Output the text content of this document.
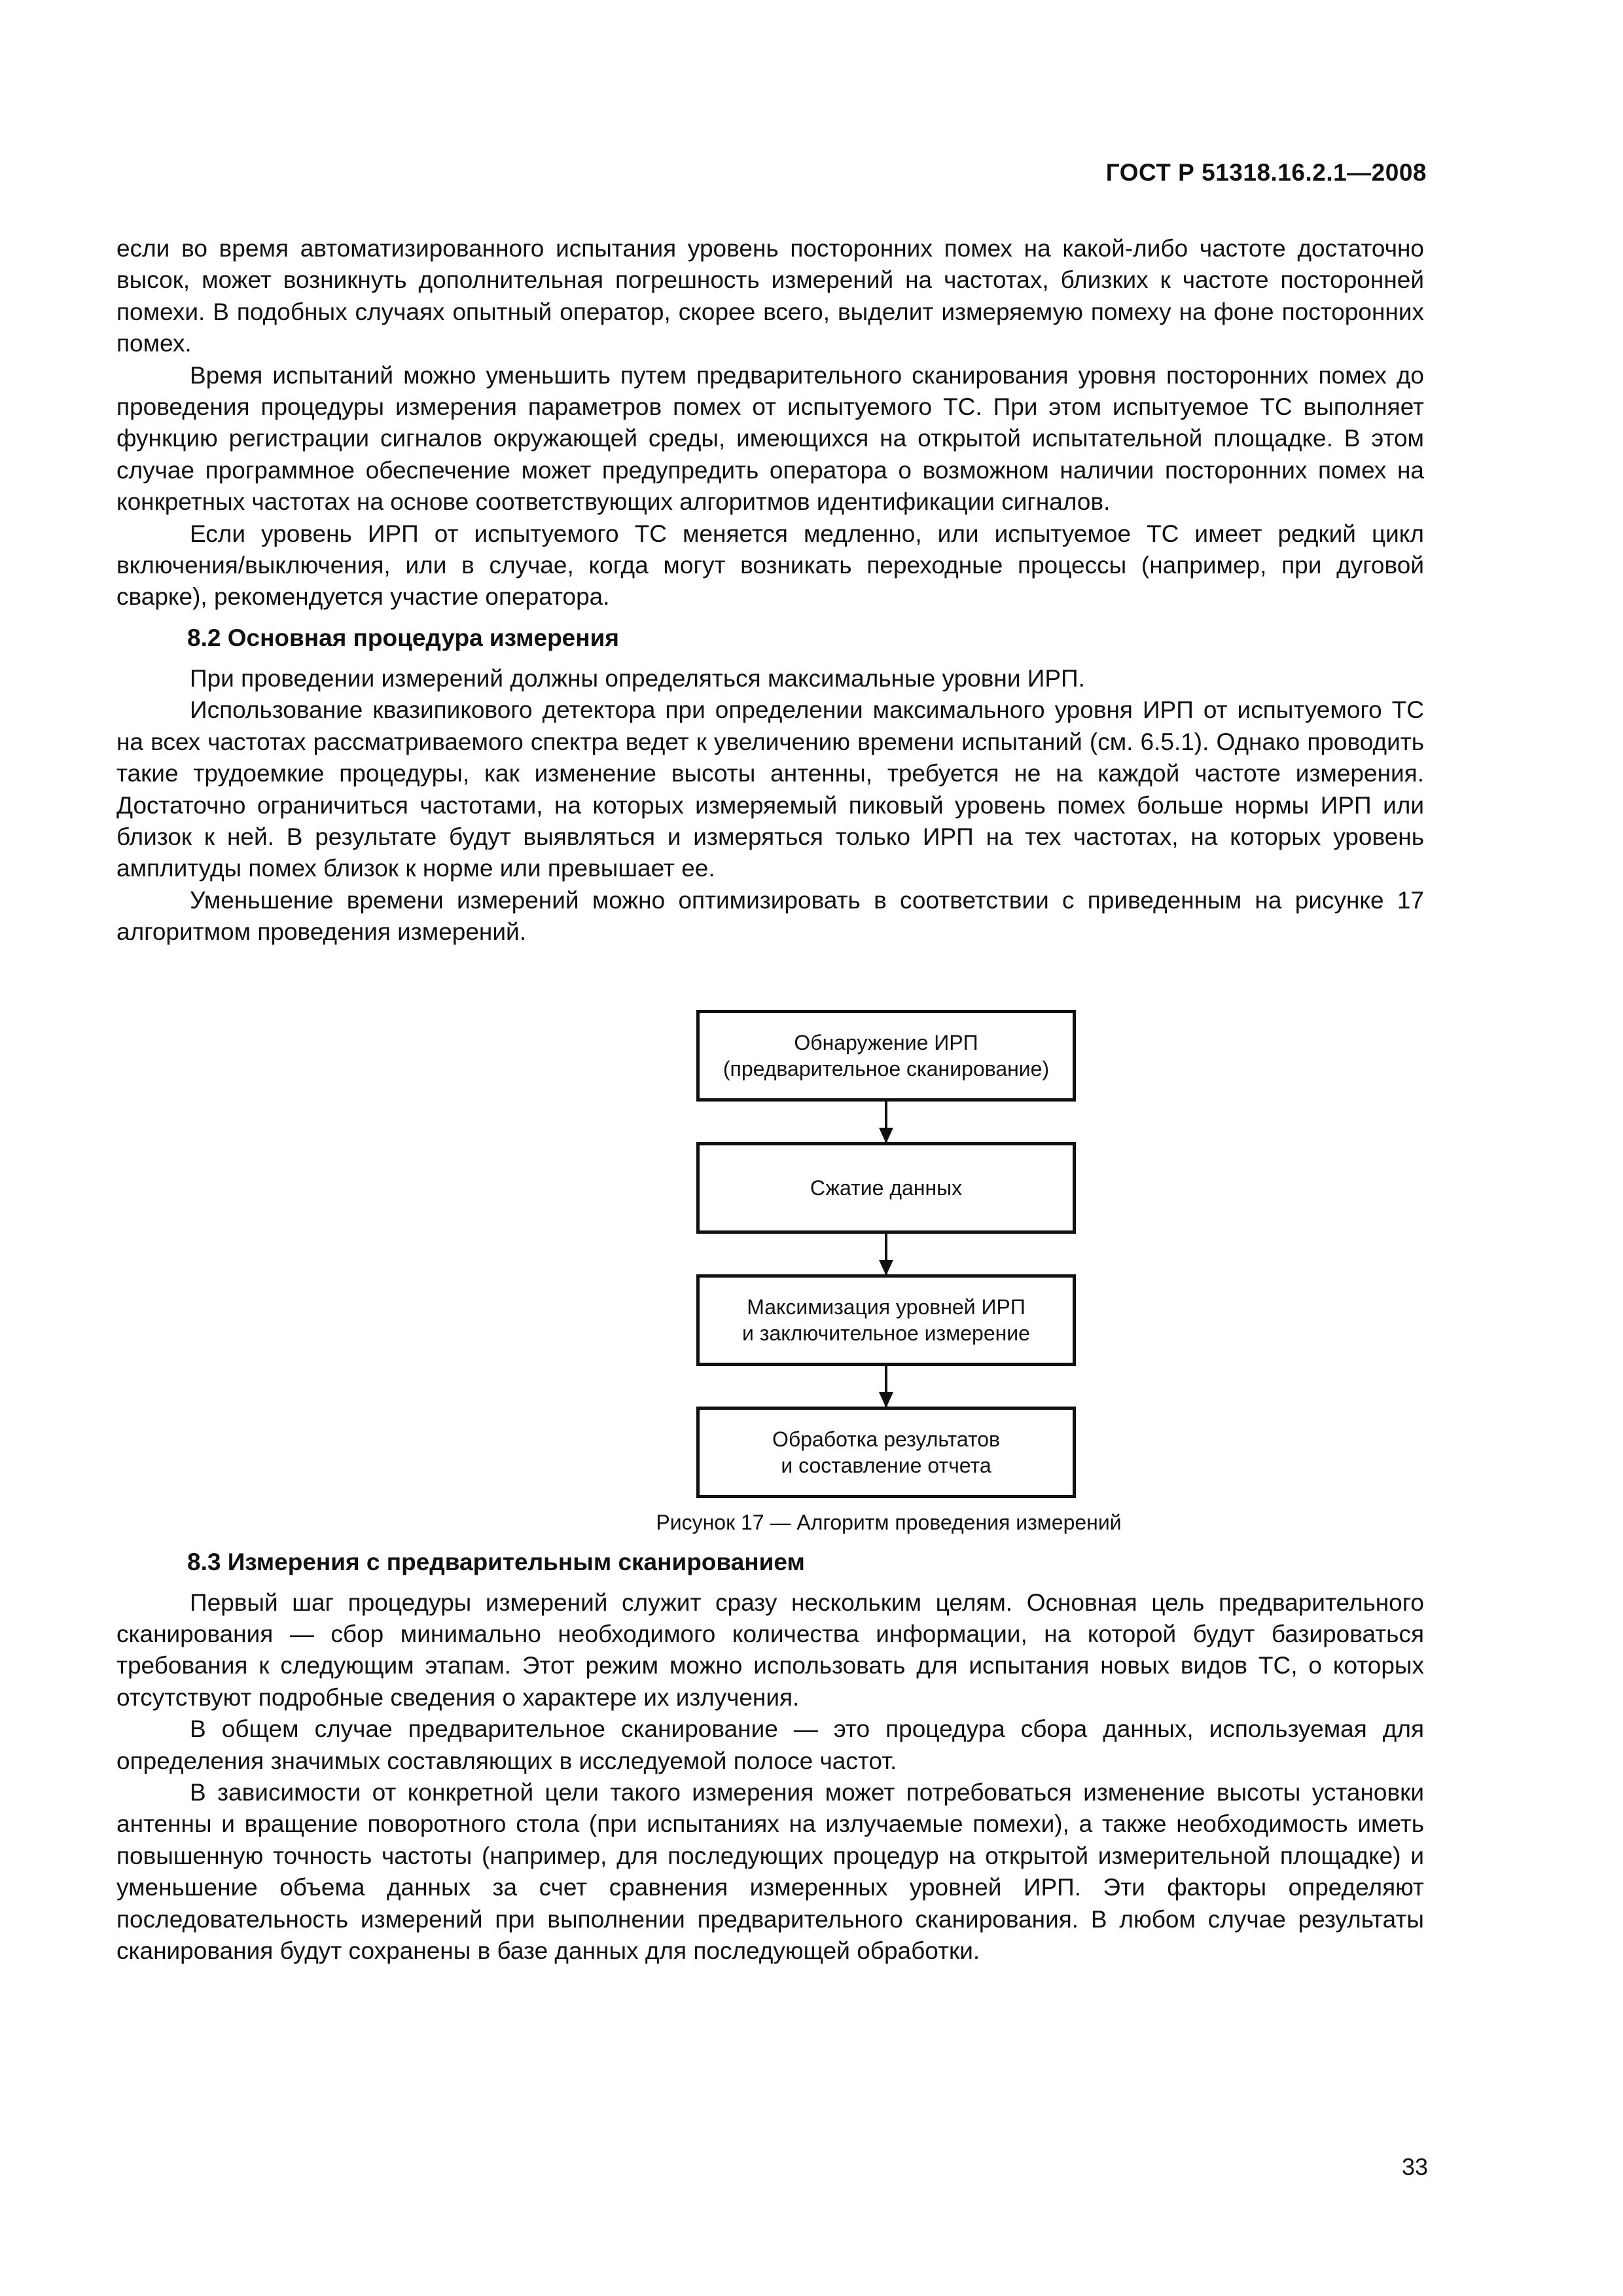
ГОСТ Р 51318.16.2.1—2008

если во время автоматизированного испытания уровень посторонних помех на какой-либо частоте достаточно высок, может возникнуть дополнительная погрешность измерений на частотах, близких к частоте посторонней помехи. В подобных случаях опытный оператор, скорее всего, выделит измеряемую помеху на фоне посторонних помех.

Время испытаний можно уменьшить путем предварительного сканирования уровня посторонних помех до проведения процедуры измерения параметров помех от испытуемого ТС. При этом испытуемое ТС выполняет функцию регистрации сигналов окружающей среды, имеющихся на открытой испытательной площадке. В этом случае программное обеспечение может предупредить оператора о возможном наличии посторонних помех на конкретных частотах на основе соответствующих алгоритмов идентификации сигналов.

Если уровень ИРП от испытуемого ТС меняется медленно, или испытуемое ТС имеет редкий цикл включения/выключения, или в случае, когда могут возникать переходные процессы (например, при дуговой сварке), рекомендуется участие оператора.

8.2 Основная процедура измерения

При проведении измерений должны определяться максимальные уровни ИРП.

Использование квазипикового детектора при определении максимального уровня ИРП от испытуемого ТС на всех частотах рассматриваемого спектра ведет к увеличению времени испытаний (см. 6.5.1). Однако проводить такие трудоемкие процедуры, как изменение высоты антенны, требуется не на каждой частоте измерения. Достаточно ограничиться частотами, на которых измеряемый пиковый уровень помех больше нормы ИРП или близок к ней. В результате будут выявляться и измеряться только ИРП на тех частотах, на которых уровень амплитуды помех близок к норме или превышает ее.

Уменьшение времени измерений можно оптимизировать в соответствии с приведенным на рисунке 17 алгоритмом проведения измерений.

Обнаружение ИРП
(предварительное сканирование)
Сжатие данных
Максимизация уровней ИРП
и заключительное измерение
Обработка результатов
и составление отчета
Рисунок 17 — Алгоритм проведения измерений
8.3 Измерения с предварительным сканированием

Первый шаг процедуры измерений служит сразу нескольким целям. Основная цель предварительного сканирования — сбор минимально необходимого количества информации, на которой будут базироваться требования к следующим этапам. Этот режим можно использовать для испытания новых видов ТС, о которых отсутствуют подробные сведения о характере их излучения.

В общем случае предварительное сканирование — это процедура сбора данных, используемая для определения значимых составляющих в исследуемой полосе частот.

В зависимости от конкретной цели такого измерения может потребоваться изменение высоты установки антенны и вращение поворотного стола (при испытаниях на излучаемые помехи), а также необходимость иметь повышенную точность частоты (например, для последующих процедур на открытой измерительной площадке) и уменьшение объема данных за счет сравнения измеренных уровней ИРП. Эти факторы определяют последовательность измерений при выполнении предварительного сканирования. В любом случае результаты сканирования будут сохранены в базе данных для последующей обработки.

33
